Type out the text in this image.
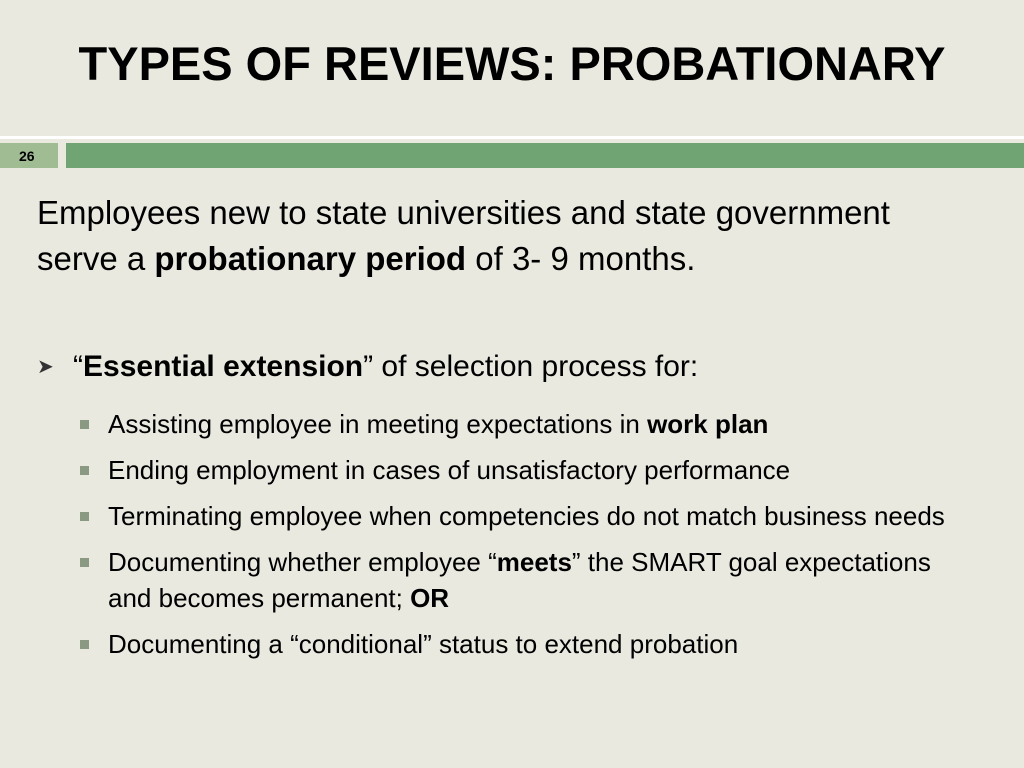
TYPES OF REVIEWS: PROBATIONARY
26

Employees new to state universities and state government serve a probationary period of 3- 9 months.

➤ “Essential extension” of selection process for:

Assisting employee in meeting expectations in work plan
Ending employment in cases of unsatisfactory performance
Terminating employee when competencies do not match business needs
Documenting whether employee “meets” the SMART goal expectations and becomes permanent; OR
Documenting a “conditional” status to extend probation
